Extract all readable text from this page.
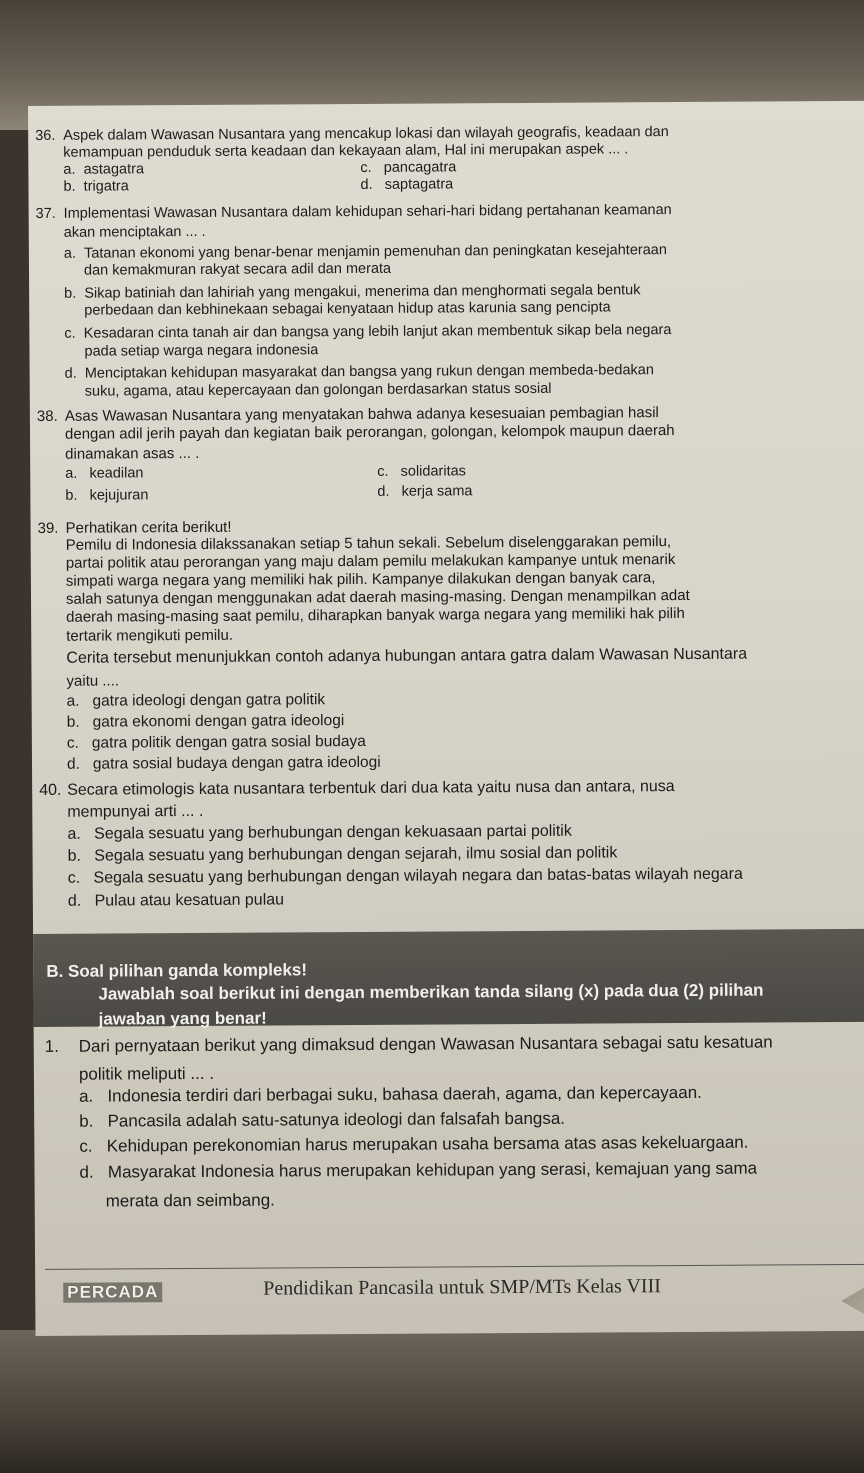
36. Aspek dalam Wawasan Nusantara yang mencakup lokasi dan wilayah geografis, keadaan dan
kemampuan penduduk serta keadaan dan kekayaan alam, Hal ini merupakan aspek ... .
a. astagatra
b. trigatra
c. pancagatra
d. saptagatra
37. Implementasi Wawasan Nusantara dalam kehidupan sehari-hari bidang pertahanan keamanan
akan menciptakan ... .
a. Tatanan ekonomi yang benar-benar menjamin pemenuhan dan peningkatan kesejahteraan
dan kemakmuran rakyat secara adil dan merata
b. Sikap batiniah dan lahiriah yang mengakui, menerima dan menghormati segala bentuk
perbedaan dan kebhinekaan sebagai kenyataan hidup atas karunia sang pencipta
c. Kesadaran cinta tanah air dan bangsa yang lebih lanjut akan membentuk sikap bela negara
pada setiap warga negara indonesia
d. Menciptakan kehidupan masyarakat dan bangsa yang rukun dengan membeda-bedakan
suku, agama, atau kepercayaan dan golongan berdasarkan status sosial
38. Asas Wawasan Nusantara yang menyatakan bahwa adanya kesesuaian pembagian hasil
dengan adil jerih payah dan kegiatan baik perorangan, golongan, kelompok maupun daerah
dinamakan asas ... .
a. keadilan
b. kejujuran
c. solidaritas
d. kerja sama
39. Perhatikan cerita berikut!
Pemilu di Indonesia dilakssanakan setiap 5 tahun sekali. Sebelum diselenggarakan pemilu,
partai politik atau perorangan yang maju dalam pemilu melakukan kampanye untuk menarik
simpati warga negara yang memiliki hak pilih. Kampanye dilakukan dengan banyak cara,
salah satunya dengan menggunakan adat daerah masing-masing. Dengan menampilkan adat
daerah masing-masing saat pemilu, diharapkan banyak warga negara yang memiliki hak pilih
tertarik mengikuti pemilu.
Cerita tersebut menunjukkan contoh adanya hubungan antara gatra dalam Wawasan Nusantara
yaitu ....
a. gatra ideologi dengan gatra politik
b. gatra ekonomi dengan gatra ideologi
c. gatra politik dengan gatra sosial budaya
d. gatra sosial budaya dengan gatra ideologi
40. Secara etimologis kata nusantara terbentuk dari dua kata yaitu nusa dan antara, nusa
mempunyai arti ... .
a. Segala sesuatu yang berhubungan dengan kekuasaan partai politik
b. Segala sesuatu yang berhubungan dengan sejarah, ilmu sosial dan politik
c. Segala sesuatu yang berhubungan dengan wilayah negara dan batas-batas wilayah negara
d. Pulau atau kesatuan pulau
B. Soal pilihan ganda kompleks!
Jawablah soal berikut ini dengan memberikan tanda silang (x) pada dua (2) pilihan
jawaban yang benar!
1. Dari pernyataan berikut yang dimaksud dengan Wawasan Nusantara sebagai satu kesatuan
politik meliputi ... .
a. Indonesia terdiri dari berbagai suku, bahasa daerah, agama, dan kepercayaan.
b. Pancasila adalah satu-satunya ideologi dan falsafah bangsa.
c. Kehidupan perekonomian harus merupakan usaha bersama atas asas kekeluargaan.
d. Masyarakat Indonesia harus merupakan kehidupan yang serasi, kemajuan yang sama
merata dan seimbang.
PERCADA	Pendidikan Pancasila untuk SMP/MTs Kelas VIII
